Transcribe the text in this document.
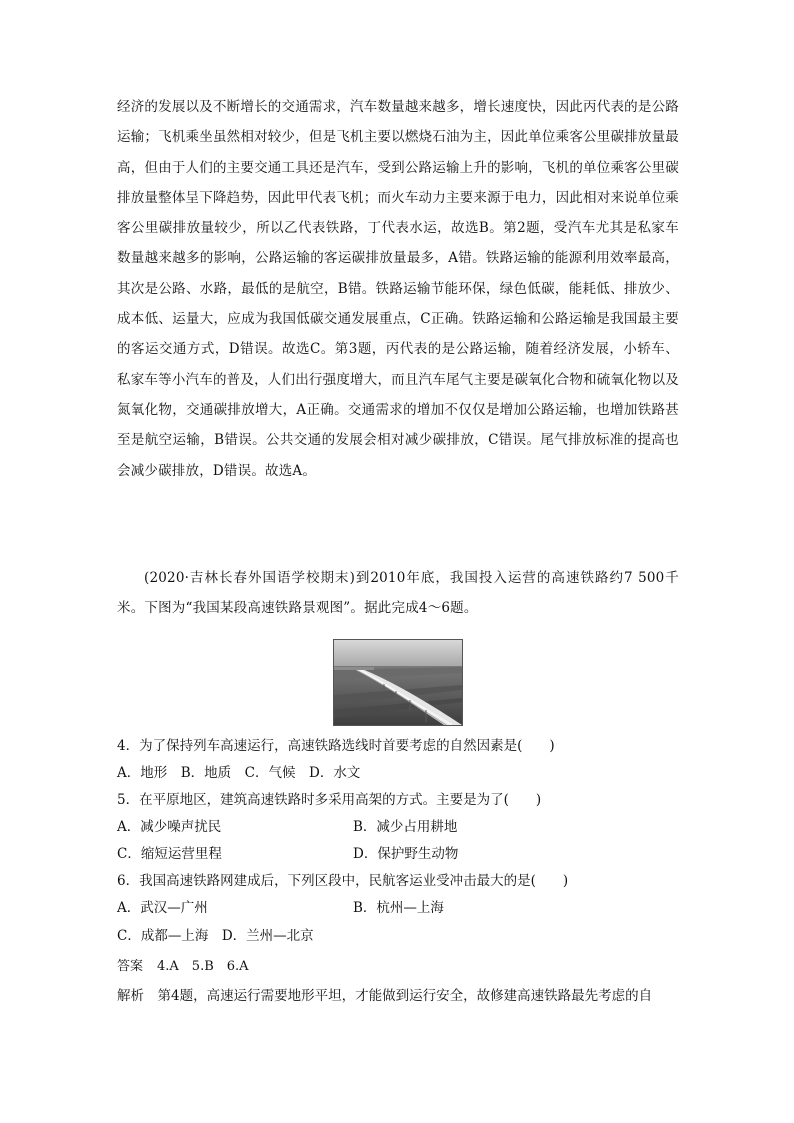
经济的发展以及不断增长的交通需求，汽车数量越来越多，增长速度快，因此丙代表的是公路运输；飞机乘坐虽然相对较少，但是飞机主要以燃烧石油为主，因此单位乘客公里碳排放量最高，但由于人们的主要交通工具还是汽车，受到公路运输上升的影响，飞机的单位乘客公里碳排放量整体呈下降趋势，因此甲代表飞机；而火车动力主要来源于电力，因此相对来说单位乘客公里碳排放量较少，所以乙代表铁路，丁代表水运，故选B。第2题，受汽车尤其是私家车数量越来越多的影响，公路运输的客运碳排放量最多，A错。铁路运输的能源利用效率最高，其次是公路、水路，最低的是航空，B错。铁路运输节能环保，绿色低碳，能耗低、排放少、成本低、运量大，应成为我国低碳交通发展重点，C正确。铁路运输和公路运输是我国最主要的客运交通方式，D错误。故选C。第3题，丙代表的是公路运输，随着经济发展，小轿车、私家车等小汽车的普及，人们出行强度增大，而且汽车尾气主要是碳氧化合物和硫氧化物以及氮氧化物，交通碳排放增大，A正确。交通需求的增加不仅仅是增加公路运输，也增加铁路甚至是航空运输，B错误。公共交通的发展会相对减少碳排放，C错误。尾气排放标准的提高也会减少碳排放，D错误。故选A。
(2020·吉林长春外国语学校期末)到2010年底，我国投入运营的高速铁路约7 500千米。下图为“我国某段高速铁路景观图”。据此完成4～6题。
4．为了保持列车高速运行，高速铁路选线时首要考虑的自然因素是(　　)
A．地形　B．地质　C．气候　D．水文
5．在平原地区，建筑高速铁路时多采用高架的方式。主要是为了(　　)
A．减少噪声扰民	B．减少占用耕地
C．缩短运营里程	D．保护野生动物
6．我国高速铁路网建成后，下列区段中，民航客运业受冲击最大的是(　　)
A．武汉—广州	B．杭州—上海
C．成都—上海　D．兰州—北京
答案 4.A　5.B　6.A
解析　 第4题，高速运行需要地形平坦，才能做到运行安全，故修建高速铁路最先考虑的自
